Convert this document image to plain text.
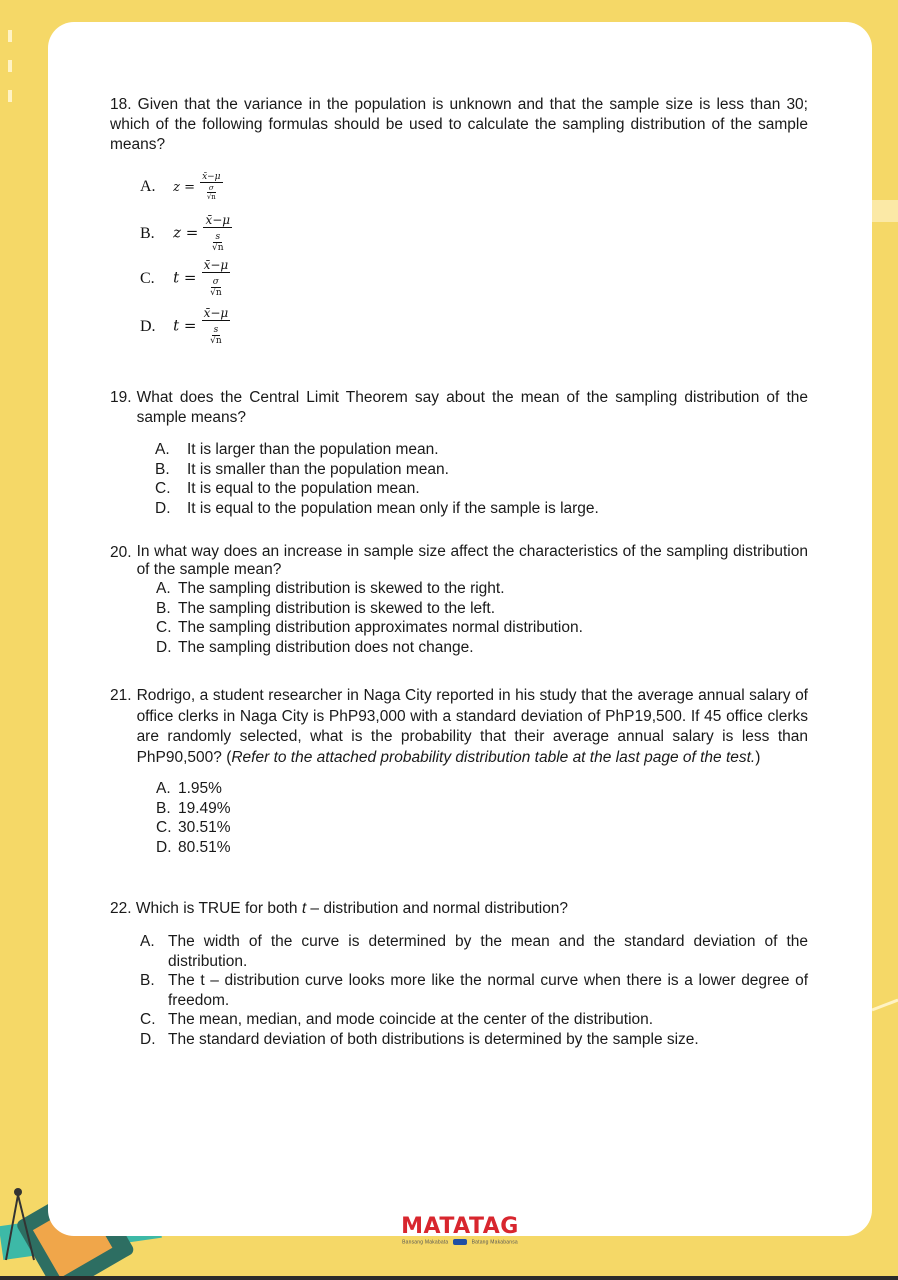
18. Given that the variance in the population is unknown and that the sample size is less than 30; which of the following formulas should be used to calculate the sampling distribution of the sample means?

A. $z = \frac{x̄-\mu}{\frac{\sigma}{√n}}$
B. $z = \frac{x̄-\mu}{\frac{s}{√n}}$
C. $t = \frac{x̄-\mu}{\frac{\sigma}{√n}}$
D. $t = \frac{x̄-\mu}{\frac{s}{√n}}$
19. What does the Central Limit Theorem say about the mean of the sampling distribution of the sample means?
A.	It is larger than the population mean.
B.	It is smaller than the population mean.
C.	It is equal to the population mean.
D.	It is equal to the population mean only if the sample is large.
20. In what way does an increase in sample size affect the characteristics of the sampling distribution of the sample mean?
A. The sampling distribution is skewed to the right.
B. The sampling distribution is skewed to the left.
C. The sampling distribution approximates normal distribution.
D. The sampling distribution does not change.
21. Rodrigo, a student researcher in Naga City reported in his study that the average annual salary of office clerks in Naga City is PhP93,000 with a standard deviation of PhP19,500. If 45 office clerks are randomly selected, what is the probability that their average annual salary is less than PhP90,500? (Refer to the attached probability distribution table at the last page of the test.)
A. 1.95%
B. 19.49%
C. 30.51%
D. 80.51%

22. Which is TRUE for both t – distribution and normal distribution?

A. The width of the curve is determined by the mean and the standard deviation of the distribution.
B. The t – distribution curve looks more like the normal curve when there is a lower degree of freedom.
C. The mean, median, and mode coincide at the center of the distribution.
D. The standard deviation of both distributions is determined by the sample size.
MATATAG
Bansang Makabata	Batang Makabansa
